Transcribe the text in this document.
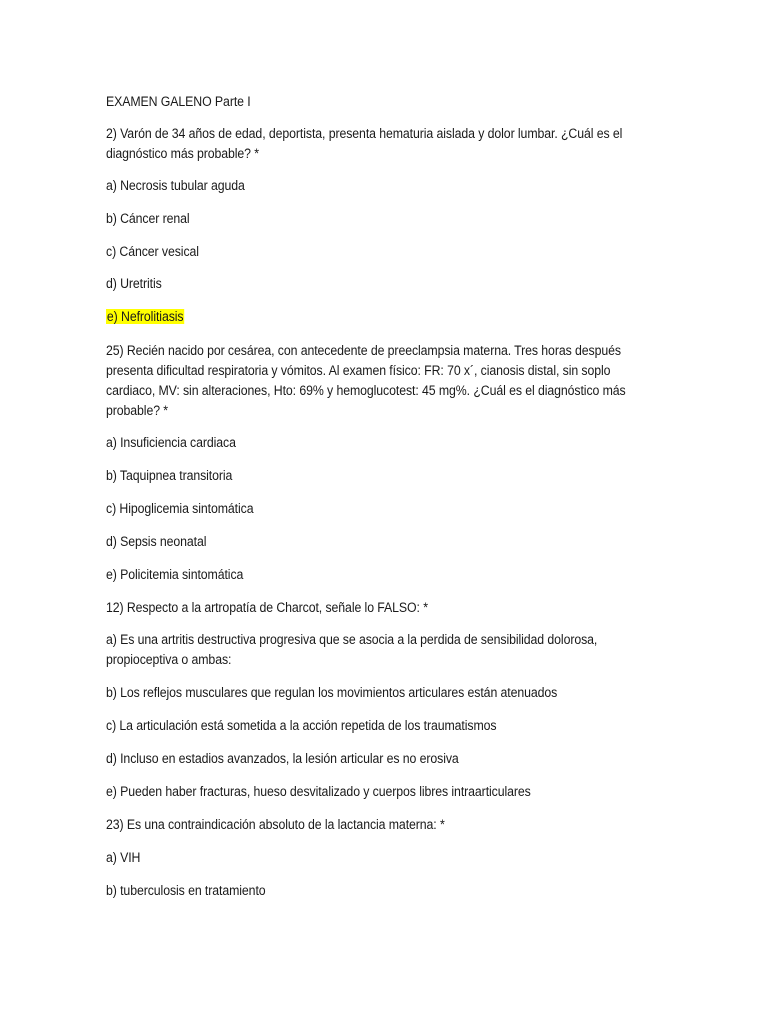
EXAMEN GALENO Parte I
2) Varón de 34 años de edad, deportista, presenta hematuria aislada y dolor lumbar. ¿Cuál es el
diagnóstico más probable? *
a) Necrosis tubular aguda
b) Cáncer renal
c) Cáncer vesical
d) Uretritis
e) Nefrolitiasis
25) Recién nacido por cesárea, con antecedente de preeclampsia materna. Tres horas después
presenta dificultad respiratoria y vómitos. Al examen físico: FR: 70 x´, cianosis distal, sin soplo
cardiaco, MV: sin alteraciones, Hto: 69% y hemoglucotest: 45 mg%. ¿Cuál es el diagnóstico más
probable? *
a) Insuficiencia cardiaca
b) Taquipnea transitoria
c) Hipoglicemia sintomática
d) Sepsis neonatal
e) Policitemia sintomática
12) Respecto a la artropatía de Charcot, señale lo FALSO: *
a) Es una artritis destructiva progresiva que se asocia a la perdida de sensibilidad dolorosa,
propioceptiva o ambas:
b) Los reflejos musculares que regulan los movimientos articulares están atenuados
c) La articulación está sometida a la acción repetida de los traumatismos
d) Incluso en estadios avanzados, la lesión articular es no erosiva
e) Pueden haber fracturas, hueso desvitalizado y cuerpos libres intraarticulares
23) Es una contraindicación absoluto de la lactancia materna: *
a) VIH
b) tuberculosis en tratamiento
